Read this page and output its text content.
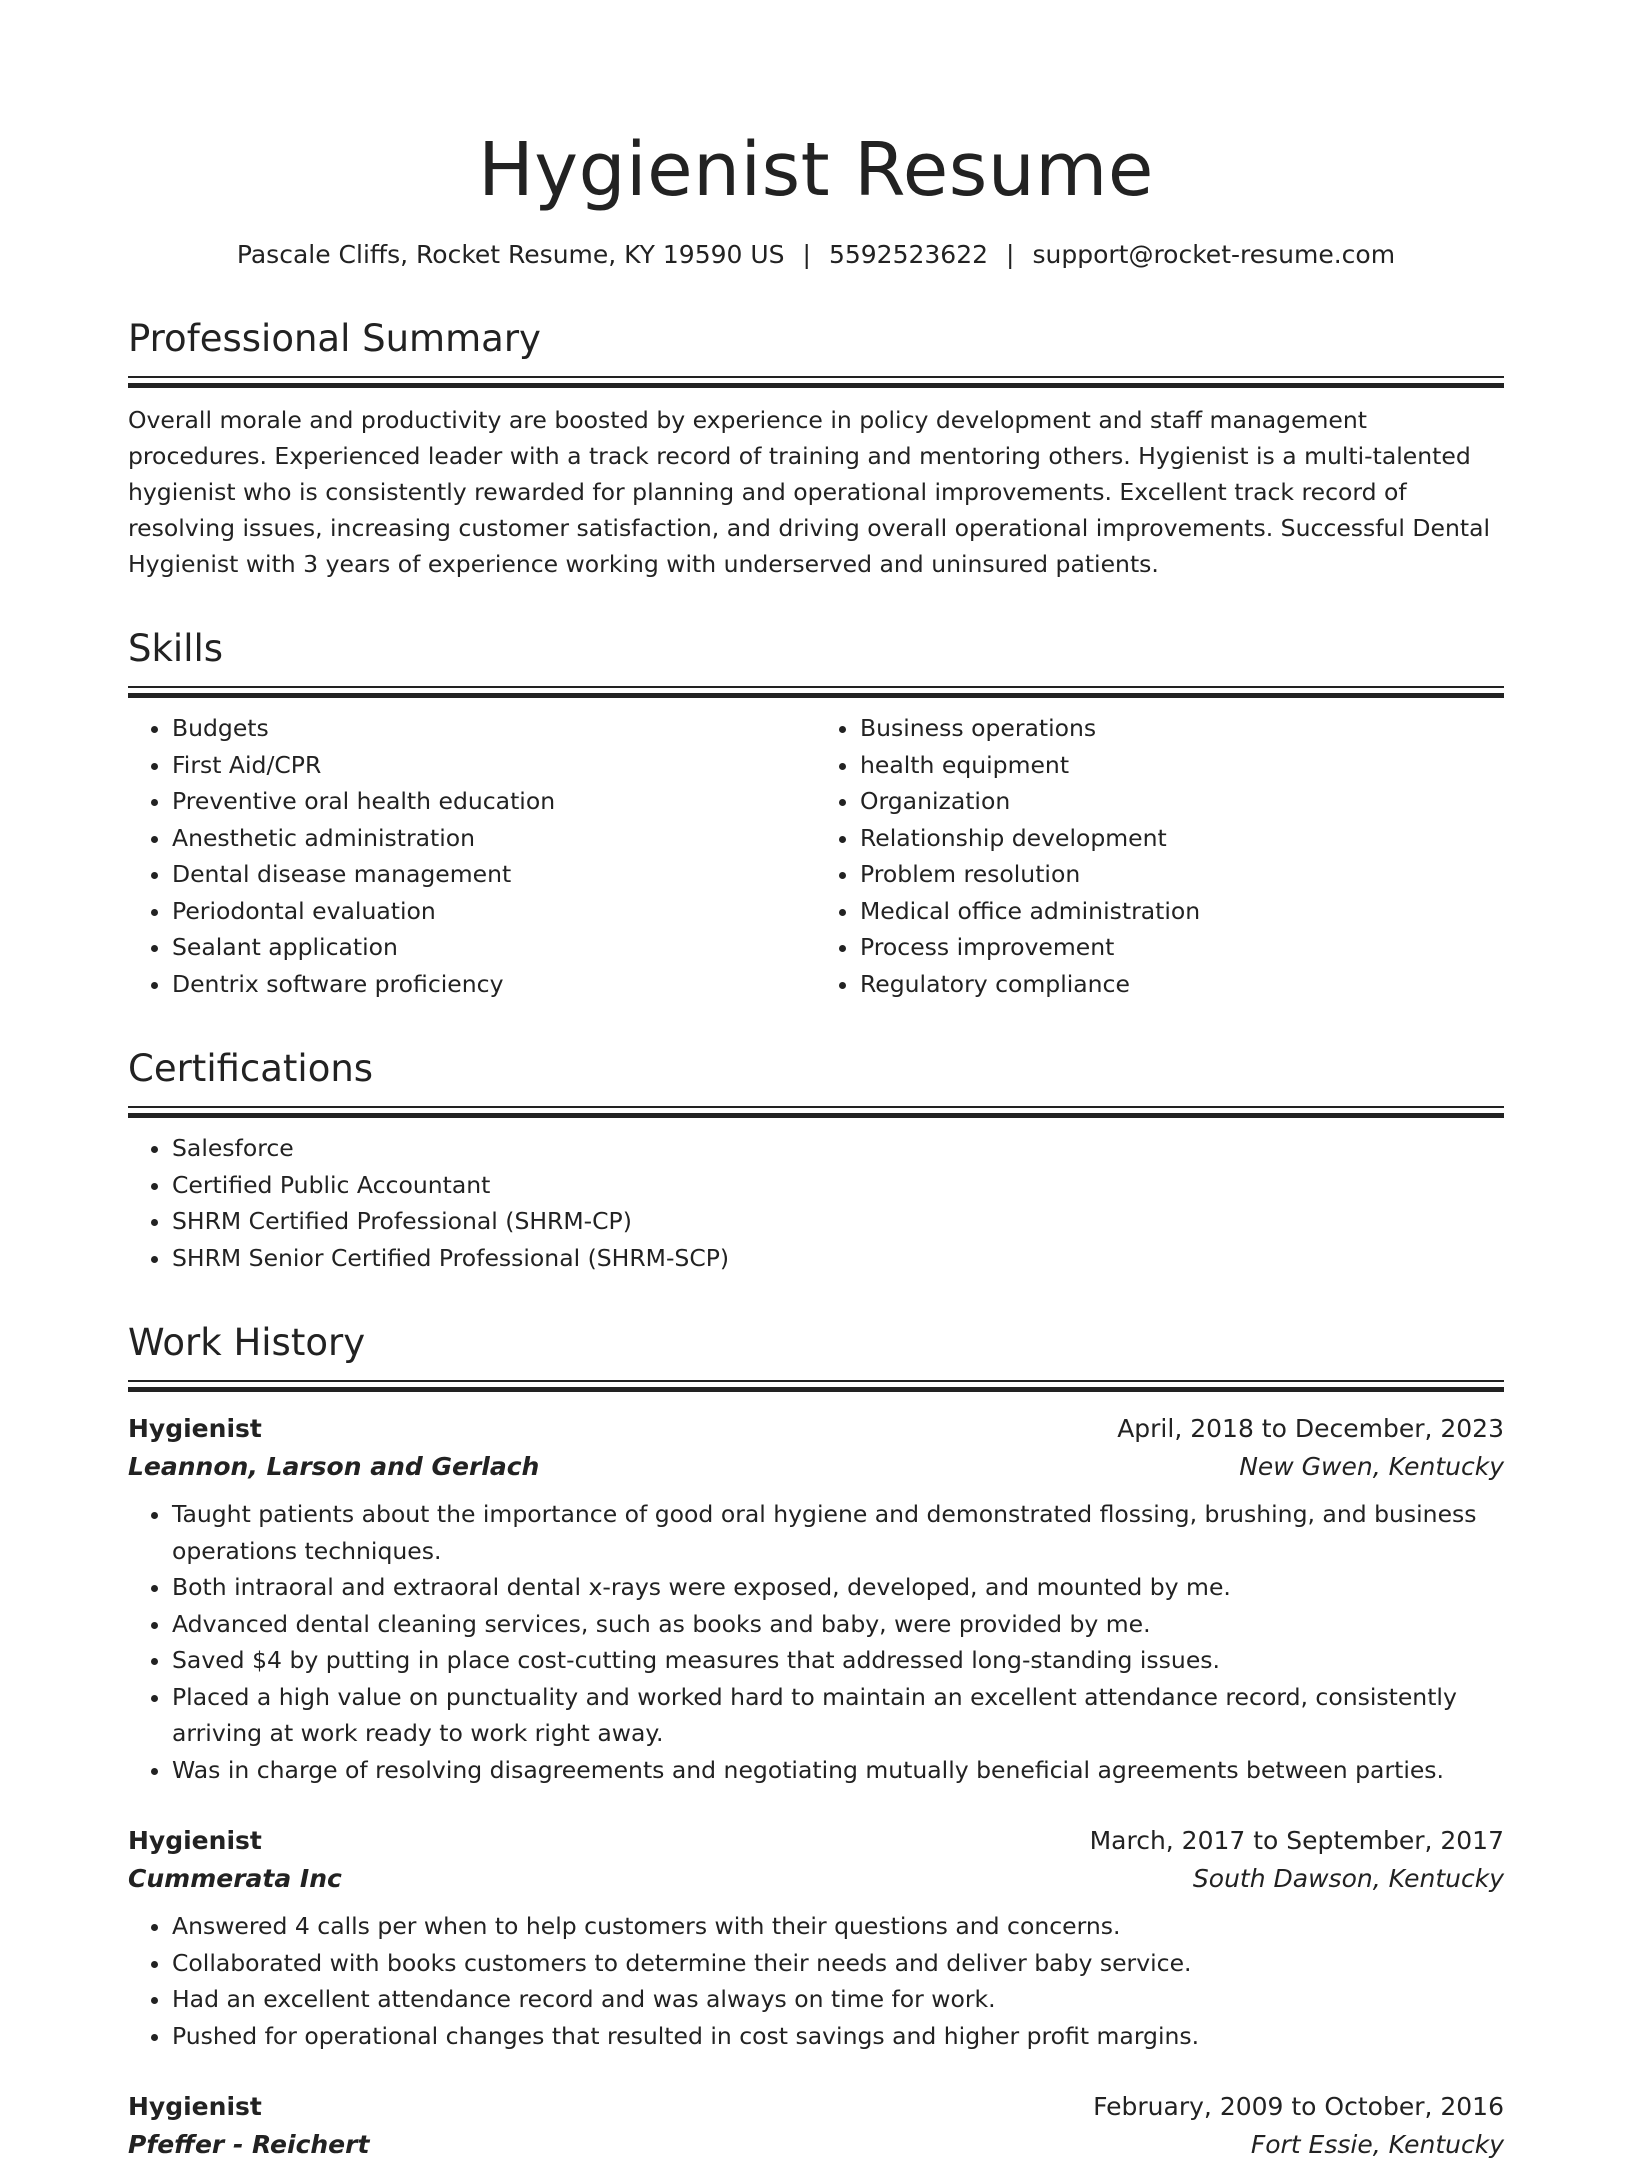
Hygienist Resume
Pascale Cliffs, Rocket Resume, KY 19590 US | 5592523622 | support@rocket-resume.com
Professional Summary

Overall morale and productivity are boosted by experience in policy development and staff management procedures. Experienced leader with a track record of training and mentoring others. Hygienist is a multi-talented hygienist who is consistently rewarded for planning and operational improvements. Excellent track record of resolving issues, increasing customer satisfaction, and driving overall operational improvements. Successful Dental Hygienist with 3 years of experience working with underserved and uninsured patients.

Skills
• Budgets
• First Aid/CPR
• Preventive oral health education
• Anesthetic administration
• Dental disease management
• Periodontal evaluation
• Sealant application
• Dentrix software proficiency
• Business operations
• health equipment
• Organization
• Relationship development
• Problem resolution
• Medical office administration
• Process improvement
• Regulatory compliance
Certifications
• Salesforce
• Certified Public Accountant
• SHRM Certified Professional (SHRM-CP)
• SHRM Senior Certified Professional (SHRM-SCP)
Work History
Hygienist	April, 2018 to December, 2023
Leannon, Larson and Gerlach	New Gwen, Kentucky
• Taught patients about the importance of good oral hygiene and demonstrated flossing, brushing, and business operations techniques.
• Both intraoral and extraoral dental x-rays were exposed, developed, and mounted by me.
• Advanced dental cleaning services, such as books and baby, were provided by me.
• Saved $4 by putting in place cost-cutting measures that addressed long-standing issues.
• Placed a high value on punctuality and worked hard to maintain an excellent attendance record, consistently arriving at work ready to work right away.
• Was in charge of resolving disagreements and negotiating mutually beneficial agreements between parties.
Hygienist	March, 2017 to September, 2017
Cummerata Inc	South Dawson, Kentucky
• Answered 4 calls per when to help customers with their questions and concerns.
• Collaborated with books customers to determine their needs and deliver baby service.
• Had an excellent attendance record and was always on time for work.
• Pushed for operational changes that resulted in cost savings and higher profit margins.
Hygienist	February, 2009 to October, 2016
Pfeffer - Reichert	Fort Essie, Kentucky
